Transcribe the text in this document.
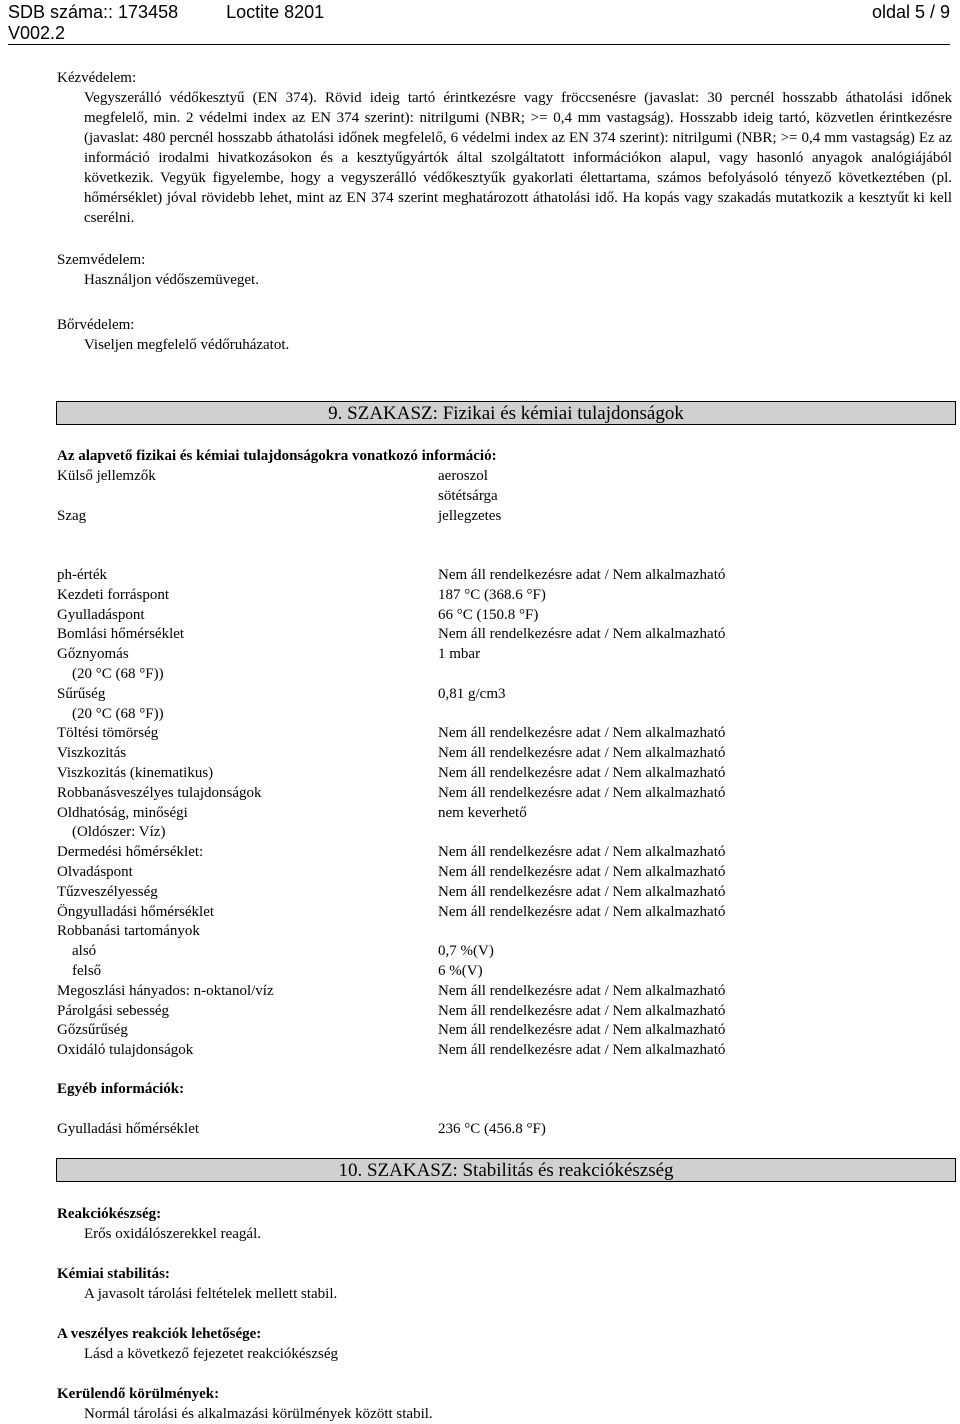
SDB száma:: 173458	Loctite 8201	oldal 5 / 9
V002.2
Kézvédelem:
Vegyszerálló védőkesztyű (EN 374). Rövid ideig tartó érintkezésre vagy fröccsenésre (javaslat: 30 percnél hosszabb áthatolási időnek megfelelő, min. 2 védelmi index az EN 374 szerint): nitrilgumi (NBR; >= 0,4 mm vastagság). Hosszabb ideig tartó, közvetlen érintkezésre (javaslat: 480 percnél hosszabb áthatolási időnek megfelelő, 6 védelmi index az EN 374 szerint): nitrilgumi (NBR; >= 0,4 mm vastagság) Ez az információ irodalmi hivatkozásokon és a kesztyűgyártók által szolgáltatott információkon alapul, vagy hasonló anyagok analógiájából következik. Vegyük figyelembe, hogy a vegyszerálló védőkesztyűk gyakorlati élettartama, számos befolyásoló tényező következtében (pl. hőmérséklet) jóval rövidebb lehet, mint az EN 374 szerint meghatározott áthatolási idő. Ha kopás vagy szakadás mutatkozik a kesztyűt ki kell cserélni.
Szemvédelem:
Használjon védőszemüveget.
Bőrvédelem:
Viseljen megfelelő védőruházatot.
9. SZAKASZ: Fizikai és kémiai tulajdonságok
Az alapvető fizikai és kémiai tulajdonságokra vonatkozó információ:
Külső jellemzők	aeroszol
sötétsárga
Szag	jellegzetes
ph-érték	Nem áll rendelkezésre adat / Nem alkalmazható
Kezdeti forráspont	187 °C (368.6 °F)
Gyulladáspont	66 °C (150.8 °F)
Bomlási hőmérséklet	Nem áll rendelkezésre adat / Nem alkalmazható
Gőznyomás	1 mbar
(20 °C (68 °F))
Sűrűség	0,81 g/cm3
(20 °C (68 °F))
Töltési tömörség	Nem áll rendelkezésre adat / Nem alkalmazható
Viszkozitás	Nem áll rendelkezésre adat / Nem alkalmazható
Viszkozitás (kinematikus)	Nem áll rendelkezésre adat / Nem alkalmazható
Robbanásveszélyes tulajdonságok	Nem áll rendelkezésre adat / Nem alkalmazható
Oldhatóság, minőségi	nem keverhető
(Oldószer: Víz)
Dermedési hőmérséklet:	Nem áll rendelkezésre adat / Nem alkalmazható
Olvadáspont	Nem áll rendelkezésre adat / Nem alkalmazható
Tűzveszélyesség	Nem áll rendelkezésre adat / Nem alkalmazható
Öngyulladási hőmérséklet	Nem áll rendelkezésre adat / Nem alkalmazható
Robbanási tartományok
alsó	0,7 %(V)
felső	6 %(V)
Megoszlási hányados: n-oktanol/víz	Nem áll rendelkezésre adat / Nem alkalmazható
Párolgási sebesség	Nem áll rendelkezésre adat / Nem alkalmazható
Gőzsűrűség	Nem áll rendelkezésre adat / Nem alkalmazható
Oxidáló tulajdonságok	Nem áll rendelkezésre adat / Nem alkalmazható
Egyéb információk:
Gyulladási hőmérséklet	236 °C (456.8 °F)
10. SZAKASZ: Stabilitás és reakciókészség
Reakciókészség:
Erős oxidálószerekkel reagál.
Kémiai stabilitás:
A javasolt tárolási feltételek mellett stabil.
A veszélyes reakciók lehetősége:
Lásd a következő fejezetet reakciókészség
Kerülendő körülmények:
Normál tárolási és alkalmazási körülmények között stabil.
